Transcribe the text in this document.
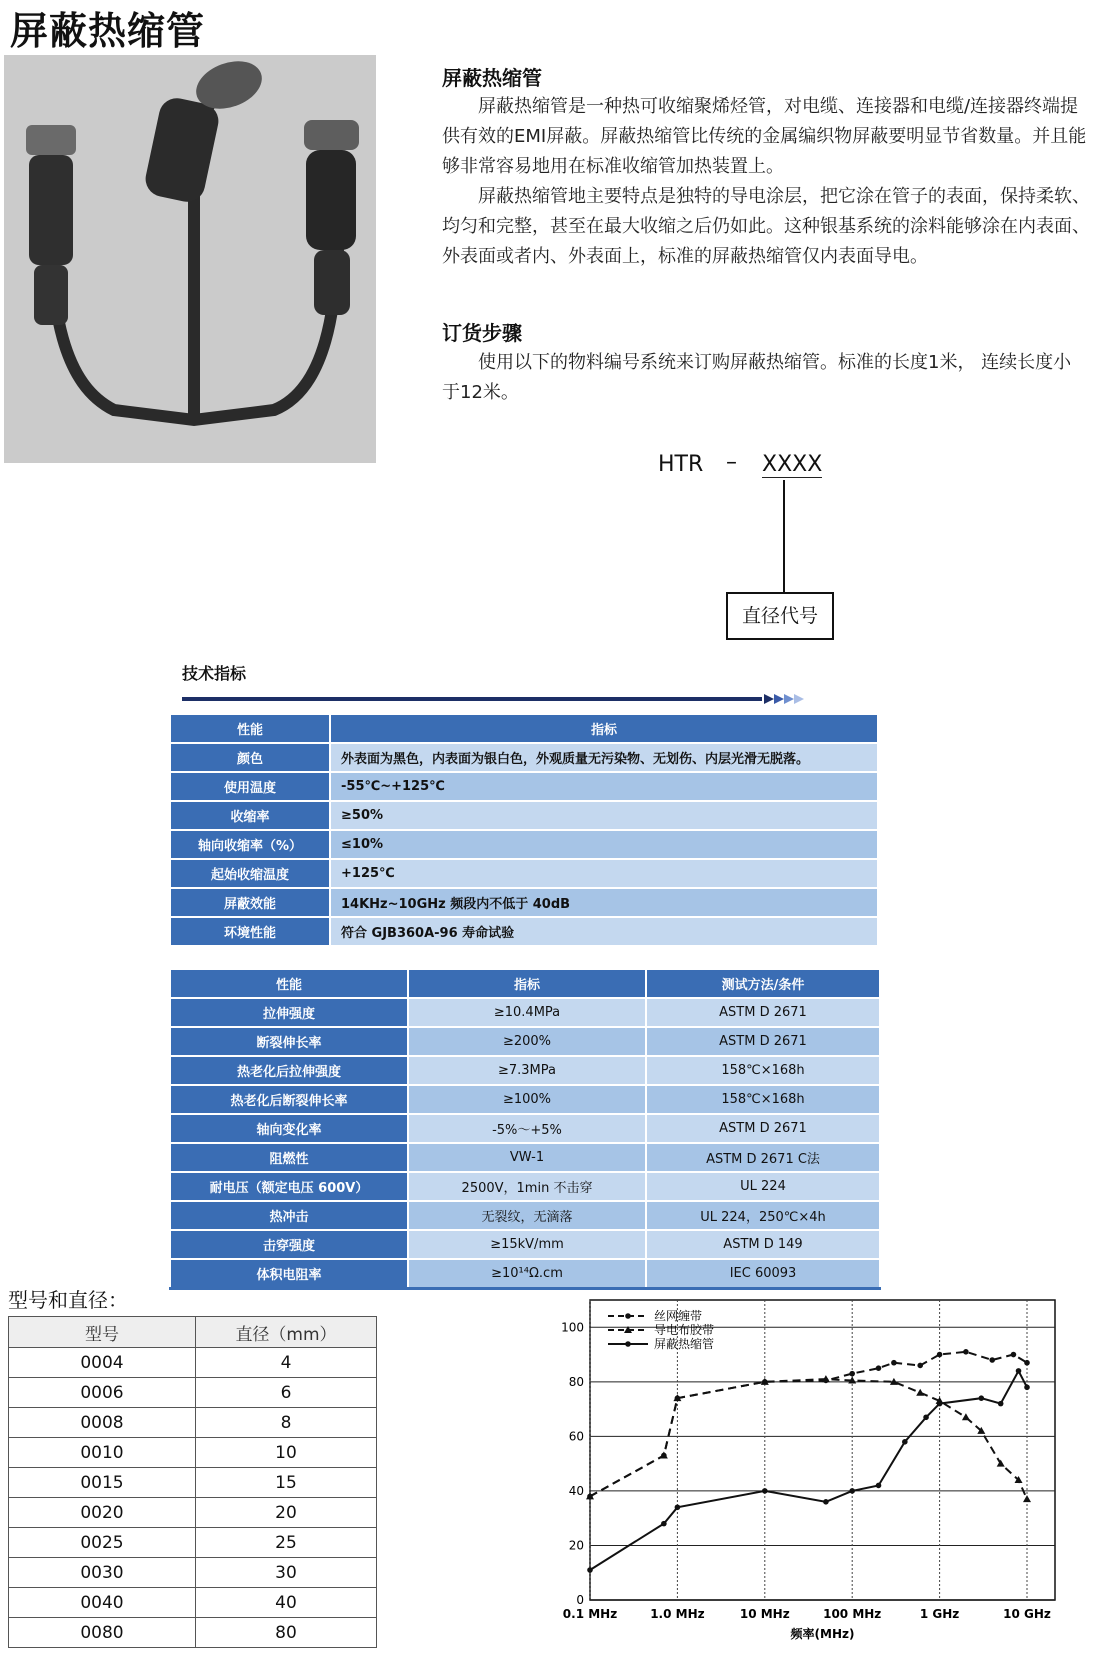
屏蔽热缩管
屏蔽热缩管
屏蔽热缩管是一种热可收缩聚烯烃管，对电缆、连接器和电缆/连接器终端提供有效的EMI屏蔽。屏蔽热缩管比传统的金属编织物屏蔽要明显节省数量。并且能够非常容易地用在标准收缩管加热装置上。
屏蔽热缩管地主要特点是独特的导电涂层，把它涂在管子的表面，保持柔软、均匀和完整，甚至在最大收缩之后仍如此。这种银基系统的涂料能够涂在内表面、外表面或者内、外表面上，标准的屏蔽热缩管仅内表面导电。
订货步骤
使用以下的物料编号系统来订购屏蔽热缩管。标准的长度1米， 连续长度小于12米。
HTR – XXXX
直径代号
技术指标
性能	指标
颜色	外表面为黑色，内表面为银白色，外观质量无污染物、无划伤、内层光滑无脱落。
使用温度	-55℃~+125℃
收缩率	≥50%
轴向收缩率（%）	≤10%
起始收缩温度	+125℃
屏蔽效能	14KHz~10GHz 频段内不低于 40dB
环境性能	符合 GJB360A-96 寿命试验
性能	指标	测试方法/条件
拉伸强度	≥10.4MPa	ASTM D 2671
断裂伸长率	≥200%	ASTM D 2671
热老化后拉伸强度	≥7.3MPa	158℃×168h
热老化后断裂伸长率	≥100%	158℃×168h
轴向变化率	-5%～+5%	ASTM D 2671
阻燃性	VW-1	ASTM D 2671 C法
耐电压（额定电压 600V）	2500V，1min 不击穿	UL 224
热冲击	无裂纹，无滴落	UL 224，250℃×4h
击穿强度	≥15kV/mm	ASTM D 149
体积电阻率	≥10¹⁴Ω.cm	IEC 60093
型号和直径：
型号	直径（mm）
0004	4
0006	6
0008	8
0010	10
0015	15
0020	20
0025	25
0030	30
0040	40
0080	80
0
20
40
60
80
100
0.1 MHz	1.0 MHz	10 MHz	100 MHz	1 GHz	10 GHz
频率(MHz)
丝网缠带
导电布胶带
屏蔽热缩管
